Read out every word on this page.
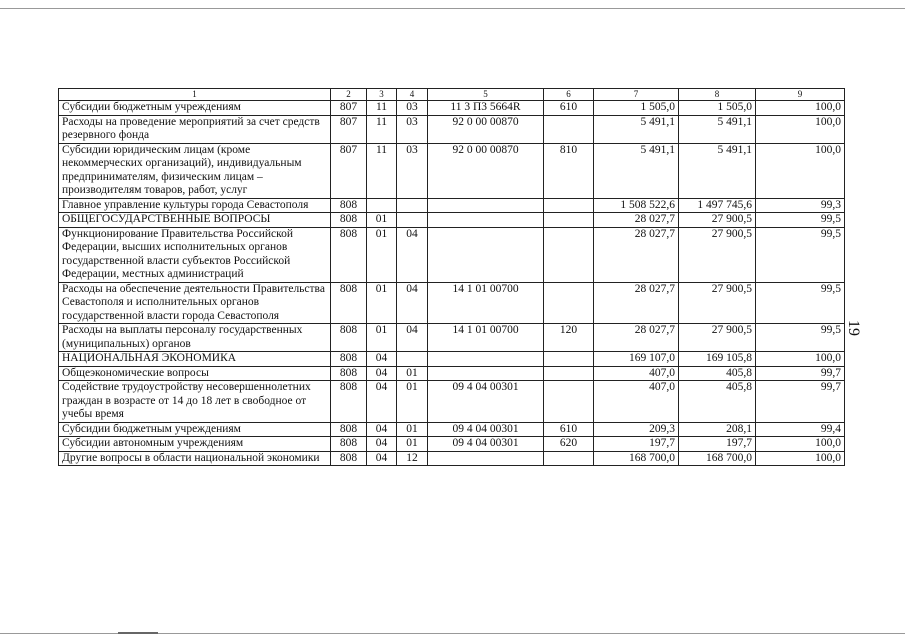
19
1	2	3	4	5	6	7	8	9
Субсидии бюджетным учреждениям	807	11	03	11 3 П3 5664R	610	1 505,0	1 505,0	100,0
Расходы на проведение мероприятий за счет средств резервного фонда	807	11	03	92 0 00 00870		5 491,1	5 491,1	100,0
Субсидии юридическим лицам (кроме некоммерческих организаций), индивидуальным предпринимателям, физическим лицам – производителям товаров, работ, услуг	807	11	03	92 0 00 00870	810	5 491,1	5 491,1	100,0
Главное управление культуры города Севастополя	808					1 508 522,6	1 497 745,6	99,3
ОБЩЕГОСУДАРСТВЕННЫЕ ВОПРОСЫ	808	01				28 027,7	27 900,5	99,5
Функционирование Правительства Российской Федерации, высших исполнительных органов государственной власти субъектов Российской Федерации, местных администраций	808	01	04			28 027,7	27 900,5	99,5
Расходы на обеспечение деятельности Правительства Севастополя и исполнительных органов государственной власти города Севастополя	808	01	04	14 1 01 00700		28 027,7	27 900,5	99,5
Расходы на выплаты персоналу государственных (муниципальных) органов	808	01	04	14 1 01 00700	120	28 027,7	27 900,5	99,5
НАЦИОНАЛЬНАЯ ЭКОНОМИКА	808	04				169 107,0	169 105,8	100,0
Общеэкономические вопросы	808	04	01			407,0	405,8	99,7
Содействие трудоустройству несовершеннолетних граждан в возрасте от 14 до 18 лет в свободное от учебы время	808	04	01	09 4 04 00301		407,0	405,8	99,7
Субсидии бюджетным учреждениям	808	04	01	09 4 04 00301	610	209,3	208,1	99,4
Субсидии автономным учреждениям	808	04	01	09 4 04 00301	620	197,7	197,7	100,0
Другие вопросы в области национальной экономики	808	04	12			168 700,0	168 700,0	100,0
